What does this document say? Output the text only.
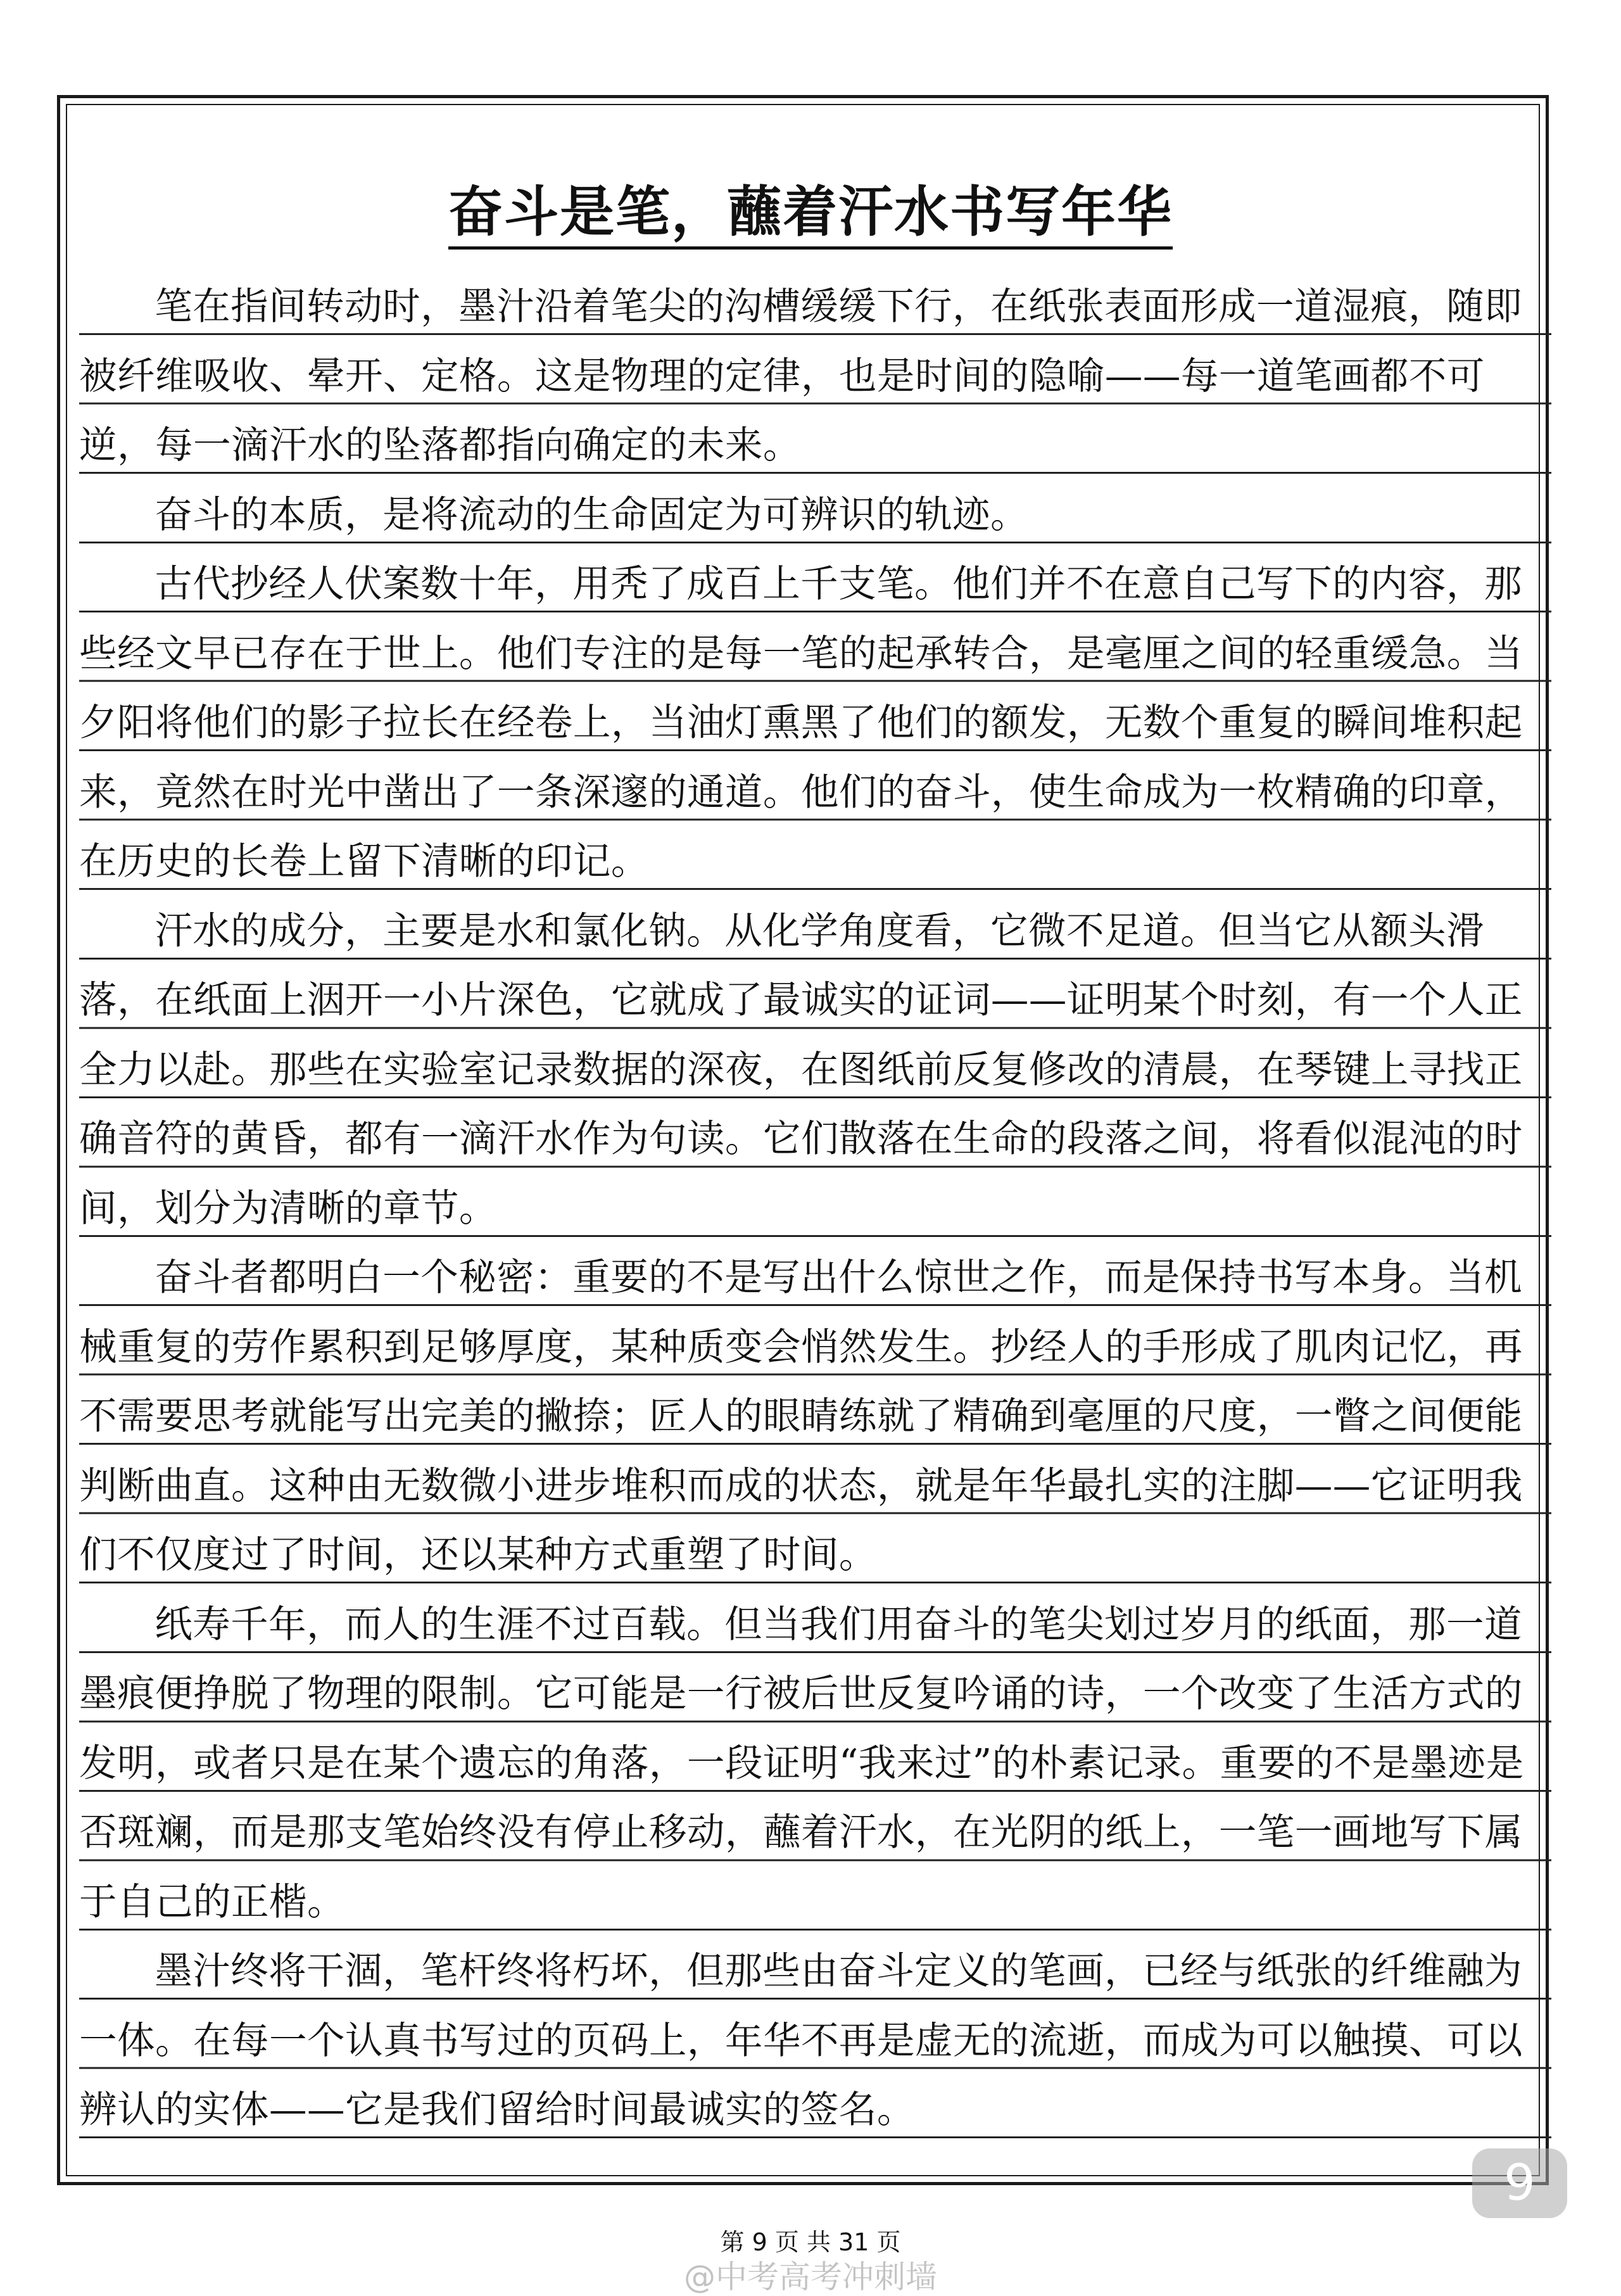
奋斗是笔，蘸着汗水书写年华

笔在指间转动时，墨汁沿着笔尖的沟槽缓缓下行，在纸张表面形成一道湿痕，随即被纤维吸收、晕开、定格。这是物理的定律，也是时间的隐喻——每一道笔画都不可逆，每一滴汗水的坠落都指向确定的未来。

奋斗的本质，是将流动的生命固定为可辨识的轨迹。

古代抄经人伏案数十年，用秃了成百上千支笔。他们并不在意自己写下的内容，那些经文早已存在于世上。他们专注的是每一笔的起承转合，是毫厘之间的轻重缓急。当夕阳将他们的影子拉长在经卷上，当油灯熏黑了他们的额发，无数个重复的瞬间堆积起来，竟然在时光中凿出了一条深邃的通道。他们的奋斗，使生命成为一枚精确的印章，在历史的长卷上留下清晰的印记。

汗水的成分，主要是水和氯化钠。从化学角度看，它微不足道。但当它从额头滑落，在纸面上洇开一小片深色，它就成了最诚实的证词——证明某个时刻，有一个人正全力以赴。那些在实验室记录数据的深夜，在图纸前反复修改的清晨，在琴键上寻找正确音符的黄昏，都有一滴汗水作为句读。它们散落在生命的段落之间，将看似混沌的时间，划分为清晰的章节。

奋斗者都明白一个秘密：重要的不是写出什么惊世之作，而是保持书写本身。当机械重复的劳作累积到足够厚度，某种质变会悄然发生。抄经人的手形成了肌肉记忆，再不需要思考就能写出完美的撇捺；匠人的眼睛练就了精确到毫厘的尺度，一瞥之间便能判断曲直。这种由无数微小进步堆积而成的状态，就是年华最扎实的注脚——它证明我们不仅度过了时间，还以某种方式重塑了时间。

纸寿千年，而人的生涯不过百载。但当我们用奋斗的笔尖划过岁月的纸面，那一道墨痕便挣脱了物理的限制。它可能是一行被后世反复吟诵的诗，一个改变了生活方式的发明，或者只是在某个遗忘的角落，一段证明“我来过”的朴素记录。重要的不是墨迹是否斑斓，而是那支笔始终没有停止移动，蘸着汗水，在光阴的纸上，一笔一画地写下属于自己的正楷。

墨汁终将干涸，笔杆终将朽坏，但那些由奋斗定义的笔画，已经与纸张的纤维融为一体。在每一个认真书写过的页码上，年华不再是虚无的流逝，而成为可以触摸、可以辨认的实体——它是我们留给时间最诚实的签名。

9
第 9 页 共 31 页
@中考高考冲刺墙
